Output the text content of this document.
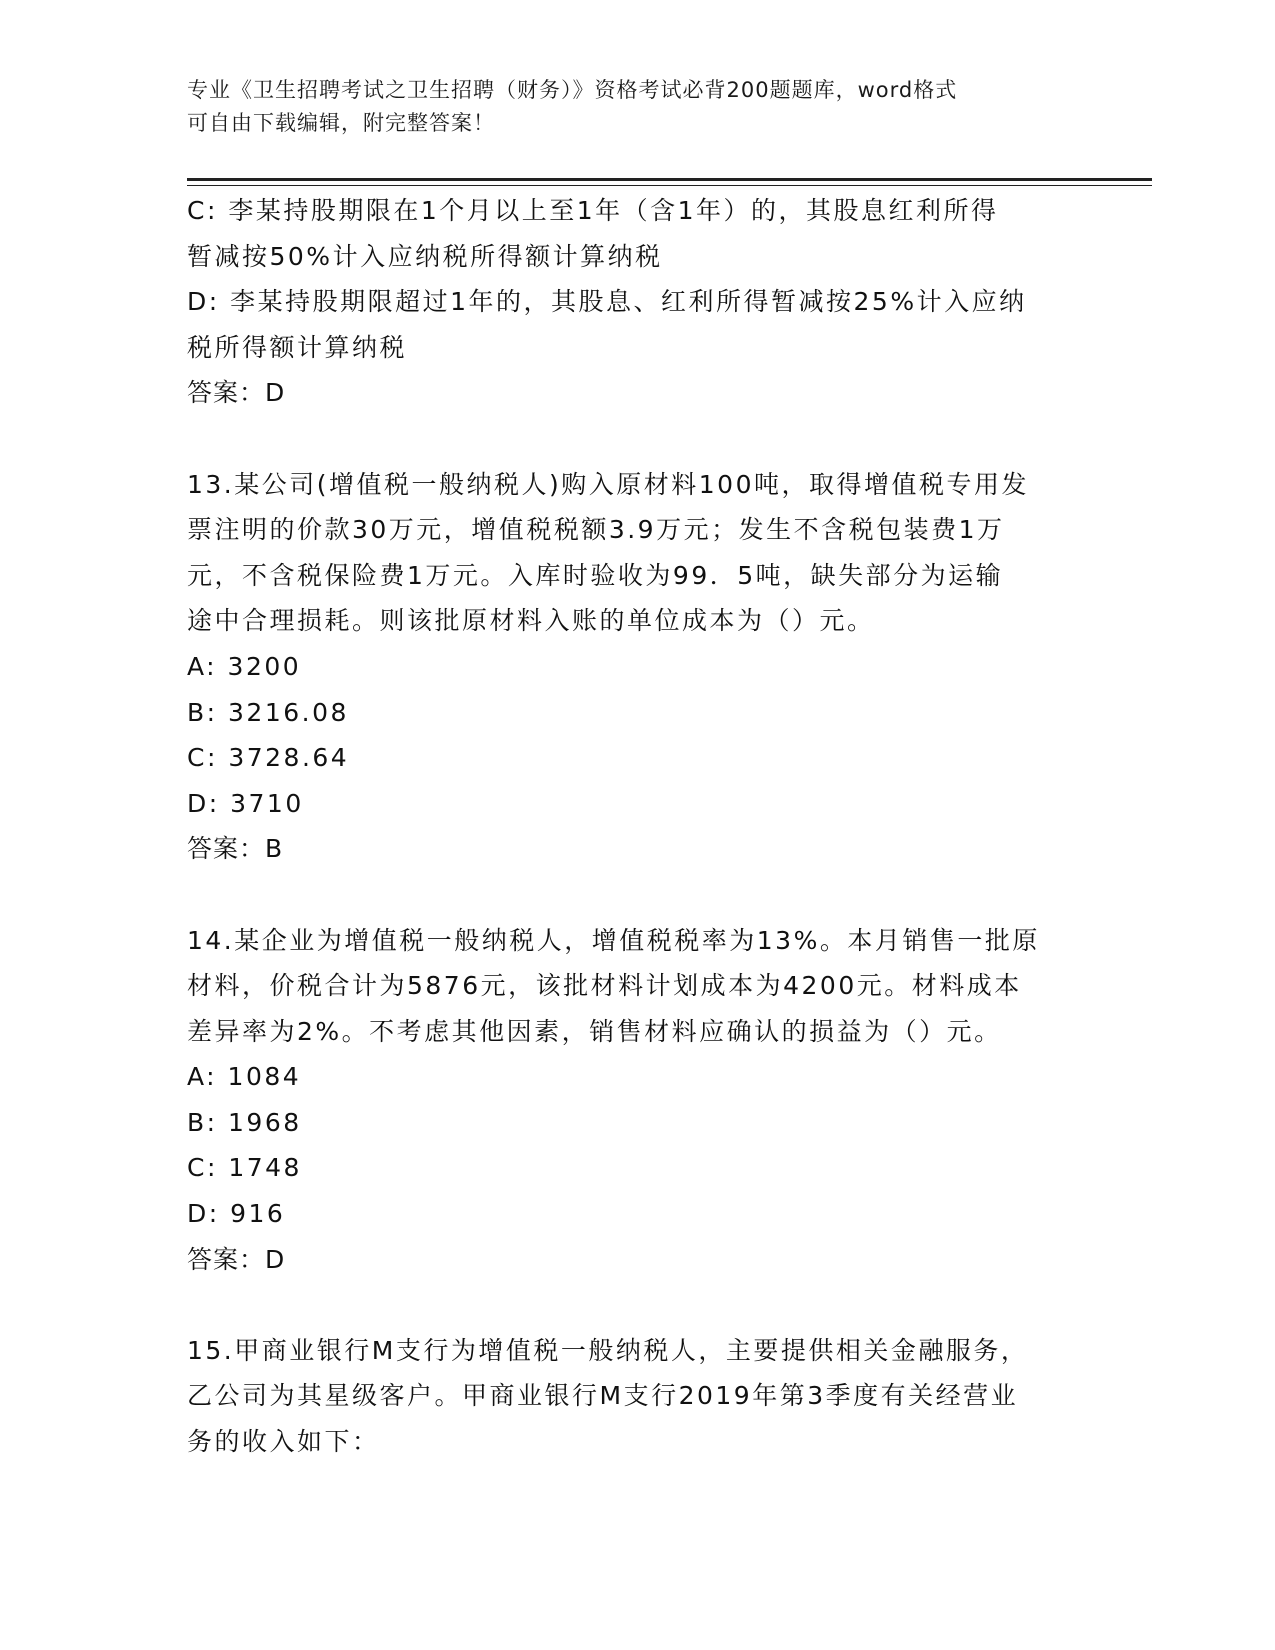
专业《卫生招聘考试之卫生招聘（财务）》资格考试必背200题题库，word格式
可自由下载编辑，附完整答案！
C: 李某持股期限在1个月以上至1年（含1年）的，其股息红利所得
暂减按50%计入应纳税所得额计算纳税
D: 李某持股期限超过1年的，其股息、红利所得暂减按25%计入应纳
税所得额计算纳税
答案：D
13.某公司(增值税一般纳税人)购入原材料100吨，取得增值税专用发
票注明的价款30万元，增值税税额3.9万元；发生不含税包装费1万
元，不含税保险费1万元。入库时验收为99．5吨，缺失部分为运输
途中合理损耗。则该批原材料入账的单位成本为（）元。
A: 3200
B: 3216.08
C: 3728.64
D: 3710
答案：B
14.某企业为增值税一般纳税人，增值税税率为13%。本月销售一批原
材料，价税合计为5876元，该批材料计划成本为4200元。材料成本
差异率为2%。不考虑其他因素，销售材料应确认的损益为（）元。
A: 1084
B: 1968
C: 1748
D: 916
答案：D
15.甲商业银行M支行为增值税一般纳税人，主要提供相关金融服务，
乙公司为其星级客户。甲商业银行M支行2019年第3季度有关经营业
务的收入如下：
